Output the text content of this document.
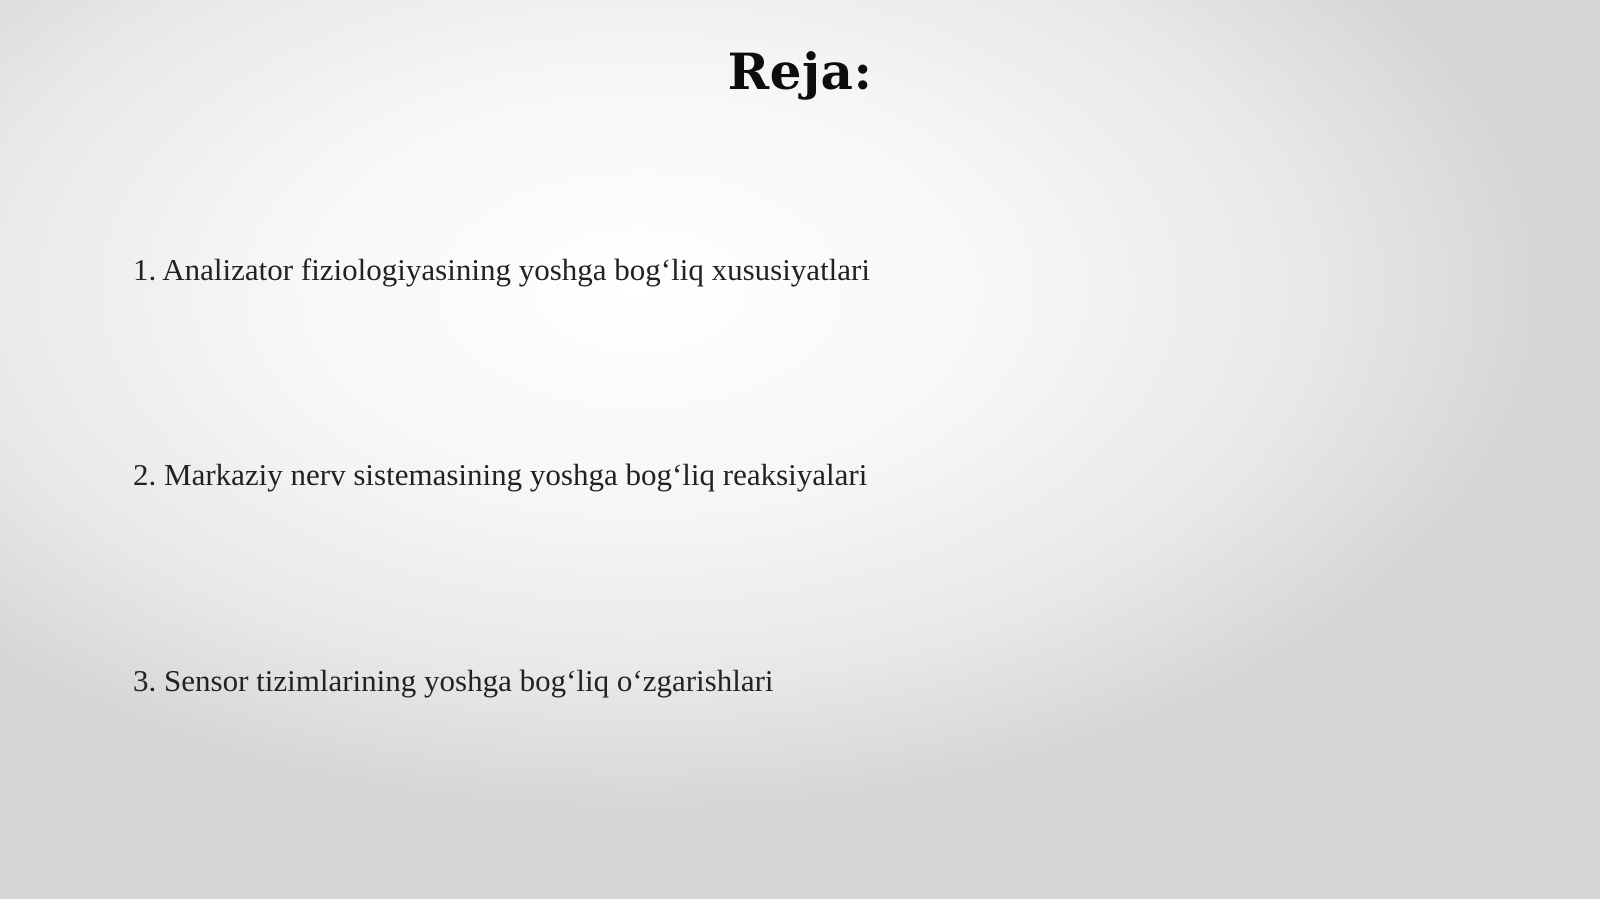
Reja:
1. Analizator fiziologiyasining yoshga bog‘liq xususiyatlari
2. Markaziy nerv sistemasining yoshga bog‘liq reaksiyalari
3. Sensor tizimlarining yoshga bog‘liq o‘zgarishlari
